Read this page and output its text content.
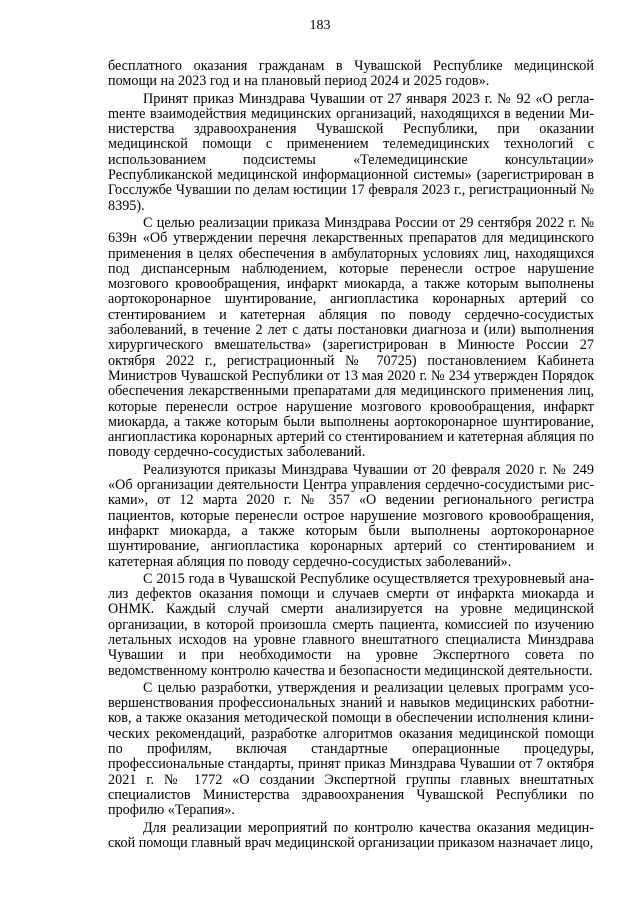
183

бесплатного оказания гражданам в Чувашской Республике медицинской помощи на 2023 год и на плановый период 2024 и 2025 годов».

Принят приказ Минздрава Чувашии от 27 января 2023 г. № 92 «О реглаmенте взаимодействия медицинских организаций, находящихся в ведении Министерства здравоохранения Чувашской Республики, при оказании медицинской помощи с применением телемедицинских технологий с использованием подсистемы «Телемедицинские консультации» Республиканской медицинской информационной системы» (зарегистрирован в Госслужбе Чувашии по делам юстиции 17 февраля 2023 г., регистрационный № 8395).

С целью реализации приказа Минздрава России от 29 сентября 2022 г. № 639н «Об утверждении перечня лекарственных препаратов для медицинского применения в целях обеспечения в амбулаторных условиях лиц, находящихся под диспансерным наблюдением, которые перенесли острое нарушение мозгового кровообращения, инфаркт миокарда, а также которым выполнены аортокоронарное шунтирование, ангиопластика коронарных артерий со стентированием и катетерная абляция по поводу сердечно-сосудистых заболеваний, в течение 2 лет с даты постановки диагноза и (или) выполнения хирургического вмешательства» (зарегистрирован в Минюсте России 27 октября 2022 г., регистрационный № 70725) постановлением Кабинета Министров Чувашской Республики от 13 мая 2020 г. № 234 утвержден Порядок обеспечения лекарственными препаратами для медицинского применения лиц, которые перенесли острое нарушение мозгового кровообращения, инфаркт миокарда, а также которым были выполнены аортокоронарное шунтирование, ангиопластика коронарных артерий со стентированием и катетерная абляция по поводу сердечно-сосудистых заболеваний.

Реализуются приказы Минздрава Чувашии от 20 февраля 2020 г. № 249 «Об организации деятельности Центра управления сердечно-сосудистыми рисками», от 12 марта 2020 г. № 357 «О ведении регионального регистра пациентов, которые перенесли острое нарушение мозгового кровообращения, инфаркт миокарда, а также которым были выполнены аортокоронарное шунтирование, ангиопластика коронарных артерий со стентированием и катетерная абляция по поводу сердечно-сосудистых заболеваний».

С 2015 года в Чувашской Республике осуществляется трехуровневый анализ дефектов оказания помощи и случаев смерти от инфаркта миокарда и ОНМК. Каждый случай смерти анализируется на уровне медицинской организации, в которой произошла смерть пациента, комиссией по изучению летальных исходов на уровне главного внештатного специалиста Минздрава Чувашии и при необходимости на уровне Экспертного совета по ведомственному контролю качества и безопасности медицинской деятельности.

С целью разработки, утверждения и реализации целевых программ усовершенствования профессиональных знаний и навыков медицинских работников, а также оказания методической помощи в обеспечении исполнения клинических рекомендаций, разработке алгоритмов оказания медицинской помощи по профилям, включая стандартные операционные процедуры, профессиональные стандарты, принят приказ Минздрава Чувашии от 7 октября 2021 г. № 1772 «О создании Экспертной группы главных внештатных специалистов Министерства здравоохранения Чувашской Республики по профилю «Терапия».

Для реализации мероприятий по контролю качества оказания медицинской помощи главный врач медицинской организации приказом назначает лицо,
